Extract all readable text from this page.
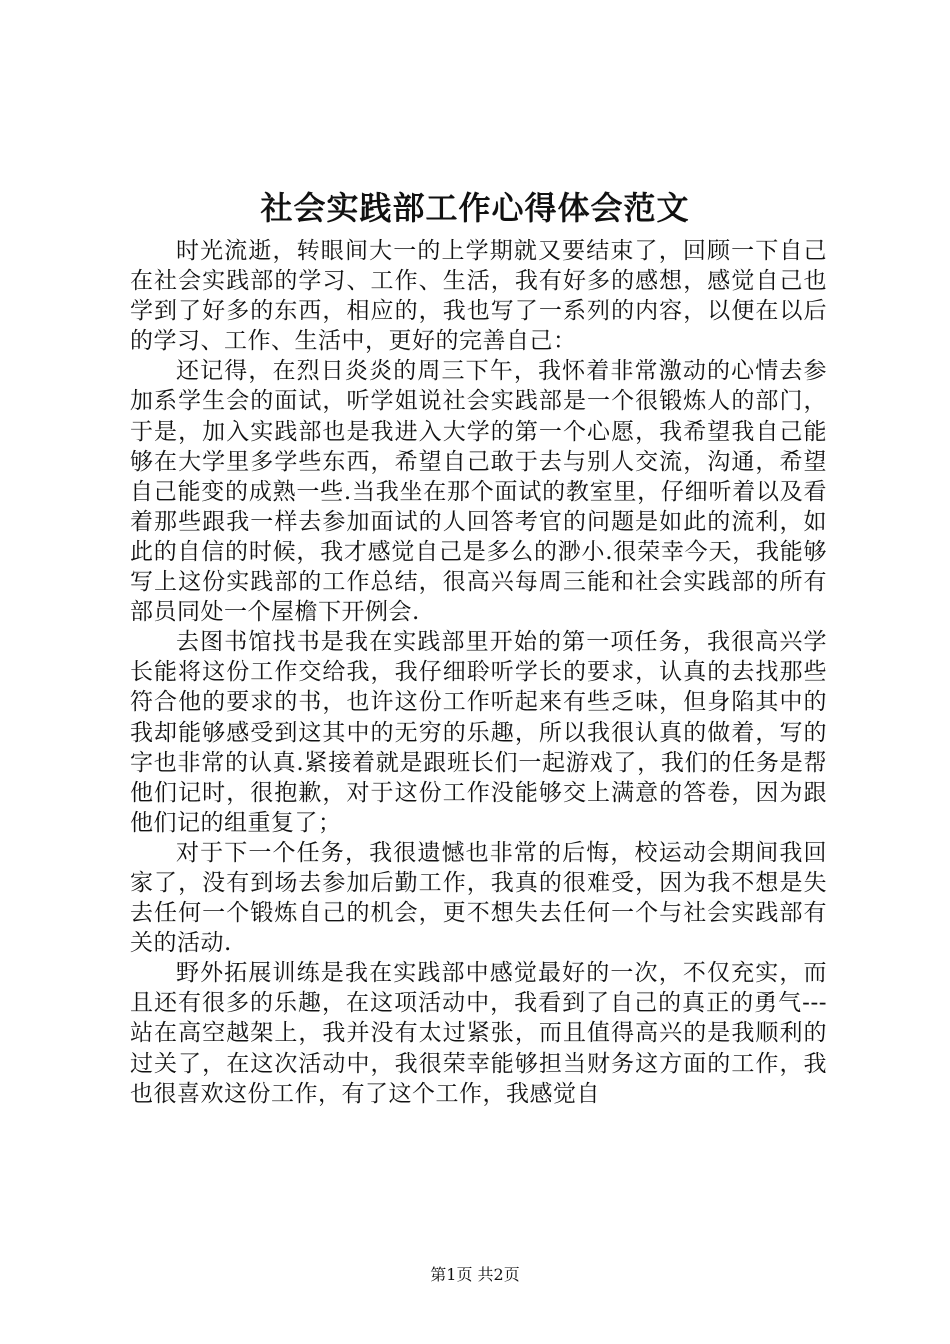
社会实践部工作心得体会范文

时光流逝，转眼间大一的上学期就又要结束了，回顾一下自己在社会实践部的学习、工作、生活，我有好多的感想，感觉自己也学到了好多的东西，相应的，我也写了一系列的内容，以便在以后的学习、工作、生活中，更好的完善自己：

还记得，在烈日炎炎的周三下午，我怀着非常激动的心情去参加系学生会的面试，听学姐说社会实践部是一个很锻炼人的部门，于是，加入实践部也是我进入大学的第一个心愿，我希望我自己能够在大学里多学些东西，希望自己敢于去与别人交流，沟通，希望自己能变的成熟一些.当我坐在那个面试的教室里，仔细听着以及看着那些跟我一样去参加面试的人回答考官的问题是如此的流利，如此的自信的时候，我才感觉自己是多么的渺小.很荣幸今天，我能够写上这份实践部的工作总结，很高兴每周三能和社会实践部的所有部员同处一个屋檐下开例会.

去图书馆找书是我在实践部里开始的第一项任务，我很高兴学长能将这份工作交给我，我仔细聆听学长的要求，认真的去找那些符合他的要求的书，也许这份工作听起来有些乏味，但身陷其中的我却能够感受到这其中的无穷的乐趣，所以我很认真的做着，写的字也非常的认真.紧接着就是跟班长们一起游戏了，我们的任务是帮他们记时，很抱歉，对于这份工作没能够交上满意的答卷，因为跟他们记的组重复了；

对于下一个任务，我很遗憾也非常的后悔，校运动会期间我回家了，没有到场去参加后勤工作，我真的很难受，因为我不想是失去任何一个锻炼自己的机会，更不想失去任何一个与社会实践部有关的活动.

野外拓展训练是我在实践部中感觉最好的一次，不仅充实，而且还有很多的乐趣，在这项活动中，我看到了自己的真正的勇气---站在高空越架上，我并没有太过紧张，而且值得高兴的是我顺利的过关了，在这次活动中，我很荣幸能够担当财务这方面的工作，我也很喜欢这份工作，有了这个工作，我感觉自

第1页 共2页
